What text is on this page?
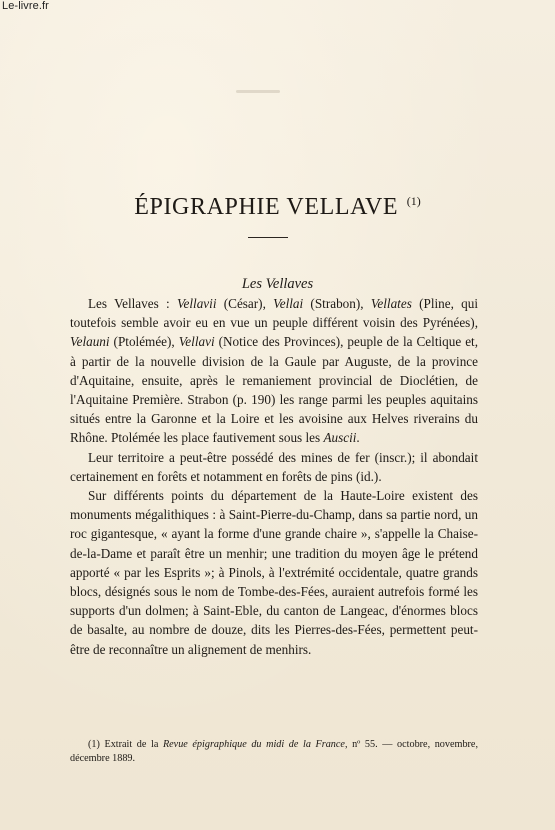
Le-livre.fr
ÉPIGRAPHIE VELLAVE $^{(1)}$
Les Vellaves

Les Vellaves : Vellavii (César), Vellai (Strabon), Vellates (Pline, qui toutefois semble avoir eu en vue un peuple différent voisin des Pyrénées), Velauni (Ptolémée), Vellavi (Notice des Provinces), peuple de la Celtique et, à partir de la nouvelle division de la Gaule par Auguste, de la province d'Aquitaine, ensuite, après le remaniement provincial de Dioclétien, de l'Aquitaine Première. Strabon (p. 190) les range parmi les peuples aquitains situés entre la Garonne et la Loire et les avoisine aux Helves riverains du Rhône. Ptolémée les place fautivement sous les Auscii.

Leur territoire a peut-être possédé des mines de fer (inscr.); il abondait certainement en forêts et notamment en forêts de pins (id.).

Sur différents points du département de la Haute-Loire existent des monuments mégalithiques : à Saint-Pierre-du-Champ, dans sa partie nord, un roc gigantesque, « ayant la forme d'une grande chaire », s'appelle la Chaise-de-la-Dame et paraît être un menhir; une tradition du moyen âge le prétend apporté « par les Esprits »; à Pinols, à l'extrémité occidentale, quatre grands blocs, désignés sous le nom de Tombe-des-Fées, auraient autrefois formé les supports d'un dolmen; à Saint-Eble, du canton de Langeac, d'énormes blocs de basalte, au nombre de douze, dits les Pierres-des-Fées, permettent peut-être de reconnaître un alignement de menhirs.

(1) Extrait de la Revue épigraphique du midi de la France, nº 55. — octobre, novembre, décembre 1889.
